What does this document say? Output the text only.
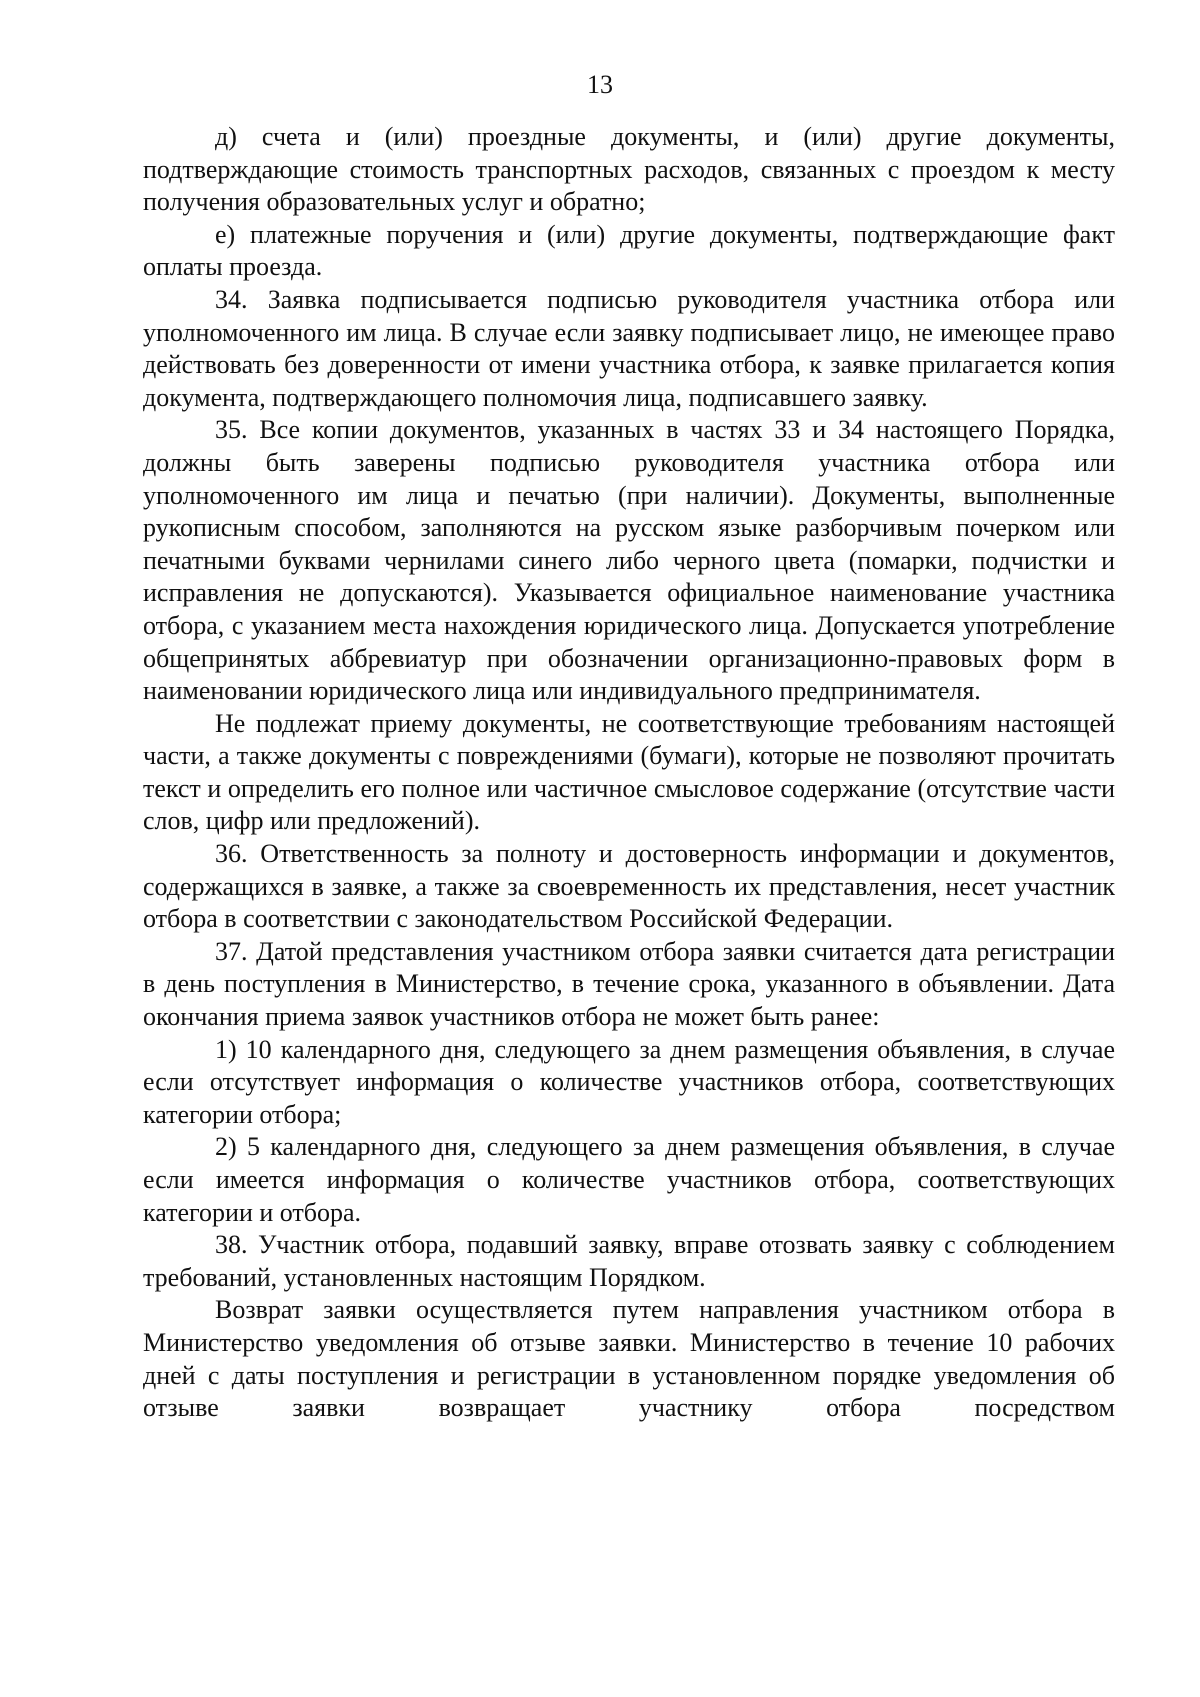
13

д) счета и (или) проездные документы, и (или) другие документы, подтверждающие стоимость транспортных расходов, связанных с проездом к месту получения образовательных услуг и обратно;

е) платежные поручения и (или) другие документы, подтверждающие факт оплаты проезда.

34. Заявка подписывается подписью руководителя участника отбора или уполномоченного им лица. В случае если заявку подписывает лицо, не имеющее право действовать без доверенности от имени участника отбора, к заявке прилагается копия документа, подтверждающего полномочия лица, подписавшего заявку.

35. Все копии документов, указанных в частях 33 и 34 настоящего Порядка, должны быть заверены подписью руководителя участника отбора или уполномоченного им лица и печатью (при наличии). Документы, выполненные рукописным способом, заполняются на русском языке разборчивым почерком или печатными буквами чернилами синего либо черного цвета (помарки, подчистки и исправления не допускаются). Указывается официальное наименование участника отбора, с указанием места нахождения юридического лица. Допускается употребление общепринятых аббревиатур при обозначении организационно-правовых форм в наименовании юридического лица или индивидуального предпринимателя.

Не подлежат приему документы, не соответствующие требованиям настоящей части, а также документы с повреждениями (бумаги), которые не позволяют прочитать текст и определить его полное или частичное смысловое содержание (отсутствие части слов, цифр или предложений).

36. Ответственность за полноту и достоверность информации и документов, содержащихся в заявке, а также за своевременность их представления, несет участник отбора в соответствии с законодательством Российской Федерации.

37. Датой представления участником отбора заявки считается дата регистрации в день поступления в Министерство, в течение срока, указанного в объявлении. Дата окончания приема заявок участников отбора не может быть ранее:

1) 10 календарного дня, следующего за днем размещения объявления, в случае если отсутствует информация о количестве участников отбора, соответствующих категории отбора;

2) 5 календарного дня, следующего за днем размещения объявления, в случае если имеется информация о количестве участников отбора, соответствующих категории и отбора.

38. Участник отбора, подавший заявку, вправе отозвать заявку с соблюдением требований, установленных настоящим Порядком.

Возврат заявки осуществляется путем направления участником отбора в Министерство уведомления об отзыве заявки. Министерство в течение 10 рабочих дней с даты поступления и регистрации в установленном порядке уведомления об отзыве заявки возвращает участнику отбора посредством
